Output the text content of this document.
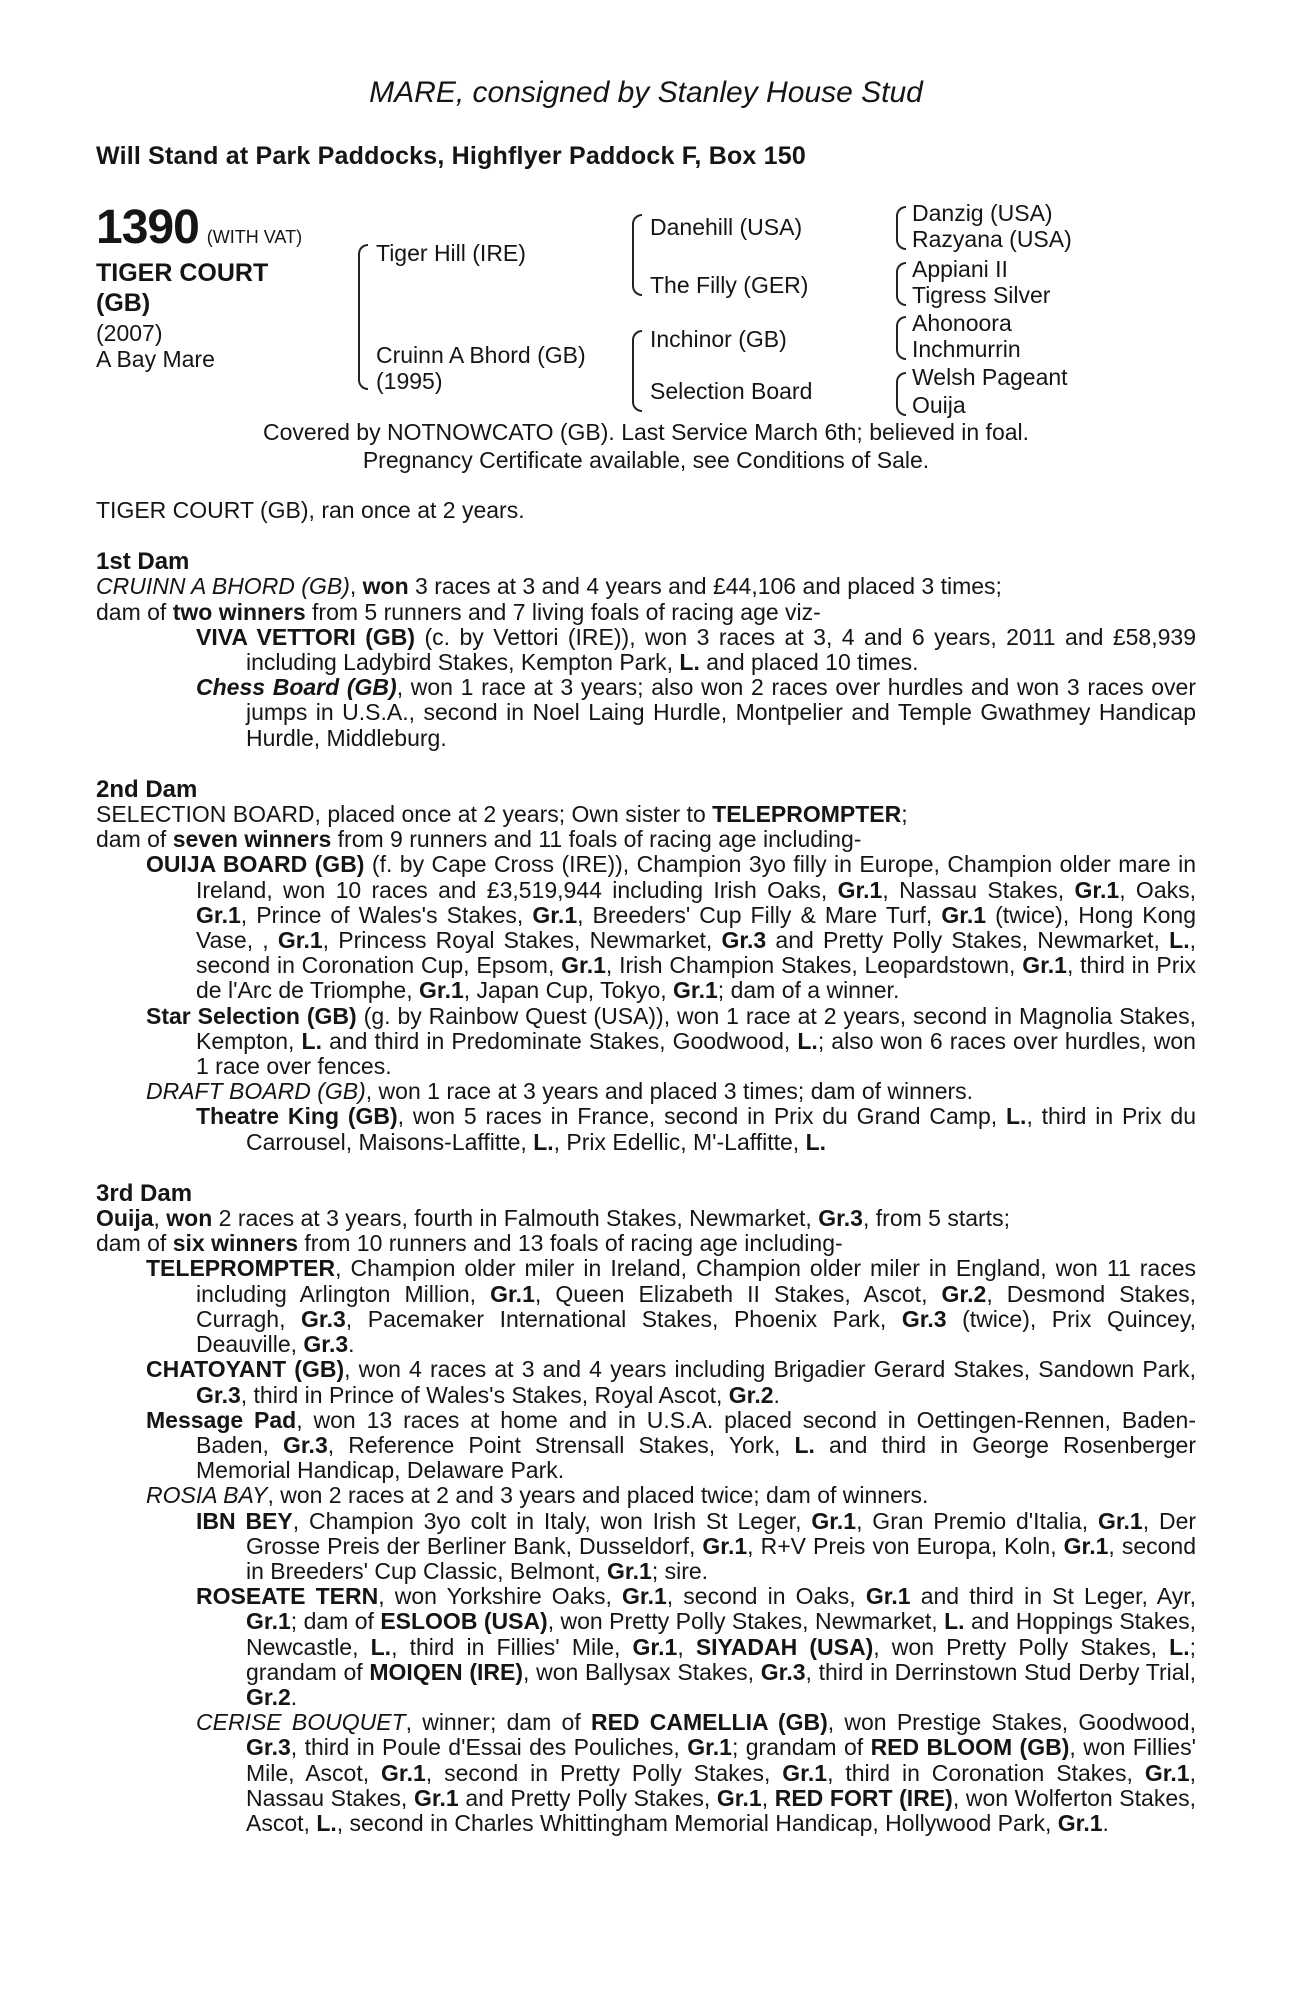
MARE, consigned by Stanley House Stud
Will Stand at Park Paddocks, Highflyer Paddock F, Box 150
1390 (WITH VAT)
TIGER COURT
(GB)
(2007)
A Bay Mare
Tiger Hill (IRE)
Cruinn A Bhord (GB)
(1995)
Danehill (USA)
The Filly (GER)
Inchinor (GB)
Selection Board
Danzig (USA)
Razyana (USA)
Appiani II
Tigress Silver
Ahonoora
Inchmurrin
Welsh Pageant
Ouija
Covered by NOTNOWCATO (GB). Last Service March 6th; believed in foal.
Pregnancy Certificate available, see Conditions of Sale.

TIGER COURT (GB), ran once at 2 years.

1st Dam

CRUINN A BHORD (GB), won 3 races at 3 and 4 years and £44,106 and placed 3 times;

dam of two winners from 5 runners and 7 living foals of racing age viz-

VIVA VETTORI (GB) (c. by Vettori (IRE)), won 3 races at 3, 4 and 6 years, 2011 and £58,939 including Ladybird Stakes, Kempton Park, L. and placed 10 times.

Chess Board (GB), won 1 race at 3 years; also won 2 races over hurdles and won 3 races over jumps in U.S.A., second in Noel Laing Hurdle, Montpelier and Temple Gwathmey Handicap Hurdle, Middleburg.

2nd Dam

SELECTION BOARD, placed once at 2 years; Own sister to TELEPROMPTER;

dam of seven winners from 9 runners and 11 foals of racing age including-

OUIJA BOARD (GB) (f. by Cape Cross (IRE)), Champion 3yo filly in Europe, Champion older mare in Ireland, won 10 races and £3,519,944 including Irish Oaks, Gr.1, Nassau Stakes, Gr.1, Oaks, Gr.1, Prince of Wales's Stakes, Gr.1, Breeders' Cup Filly & Mare Turf, Gr.1 (twice), Hong Kong Vase, , Gr.1, Princess Royal Stakes, Newmarket, Gr.3 and Pretty Polly Stakes, Newmarket, L., second in Coronation Cup, Epsom, Gr.1, Irish Champion Stakes, Leopardstown, Gr.1, third in Prix de l'Arc de Triomphe, Gr.1, Japan Cup, Tokyo, Gr.1; dam of a winner.

Star Selection (GB) (g. by Rainbow Quest (USA)), won 1 race at 2 years, second in Magnolia Stakes, Kempton, L. and third in Predominate Stakes, Goodwood, L.; also won 6 races over hurdles, won 1 race over fences.

DRAFT BOARD (GB), won 1 race at 3 years and placed 3 times; dam of winners.

Theatre King (GB), won 5 races in France, second in Prix du Grand Camp, L., third in Prix du Carrousel, Maisons-Laffitte, L., Prix Edellic, M'-Laffitte, L.

3rd Dam

Ouija, won 2 races at 3 years, fourth in Falmouth Stakes, Newmarket, Gr.3, from 5 starts;

dam of six winners from 10 runners and 13 foals of racing age including-

TELEPROMPTER, Champion older miler in Ireland, Champion older miler in England, won 11 races including Arlington Million, Gr.1, Queen Elizabeth II Stakes, Ascot, Gr.2, Desmond Stakes, Curragh, Gr.3, Pacemaker International Stakes, Phoenix Park, Gr.3 (twice), Prix Quincey, Deauville, Gr.3.

CHATOYANT (GB), won 4 races at 3 and 4 years including Brigadier Gerard Stakes, Sandown Park, Gr.3, third in Prince of Wales's Stakes, Royal Ascot, Gr.2.

Message Pad, won 13 races at home and in U.S.A. placed second in Oettingen-Rennen, Baden-Baden, Gr.3, Reference Point Strensall Stakes, York, L. and third in George Rosenberger Memorial Handicap, Delaware Park.

ROSIA BAY, won 2 races at 2 and 3 years and placed twice; dam of winners.

IBN BEY, Champion 3yo colt in Italy, won Irish St Leger, Gr.1, Gran Premio d'Italia, Gr.1, Der Grosse Preis der Berliner Bank, Dusseldorf, Gr.1, R+V Preis von Europa, Koln, Gr.1, second in Breeders' Cup Classic, Belmont, Gr.1; sire.

ROSEATE TERN, won Yorkshire Oaks, Gr.1, second in Oaks, Gr.1 and third in St Leger, Ayr, Gr.1; dam of ESLOOB (USA), won Pretty Polly Stakes, Newmarket, L. and Hoppings Stakes, Newcastle, L., third in Fillies' Mile, Gr.1, SIYADAH (USA), won Pretty Polly Stakes, L.; grandam of MOIQEN (IRE), won Ballysax Stakes, Gr.3, third in Derrinstown Stud Derby Trial, Gr.2.

CERISE BOUQUET, winner; dam of RED CAMELLIA (GB), won Prestige Stakes, Goodwood, Gr.3, third in Poule d'Essai des Pouliches, Gr.1; grandam of RED BLOOM (GB), won Fillies' Mile, Ascot, Gr.1, second in Pretty Polly Stakes, Gr.1, third in Coronation Stakes, Gr.1, Nassau Stakes, Gr.1 and Pretty Polly Stakes, Gr.1, RED FORT (IRE), won Wolferton Stakes, Ascot, L., second in Charles Whittingham Memorial Handicap, Hollywood Park, Gr.1.
